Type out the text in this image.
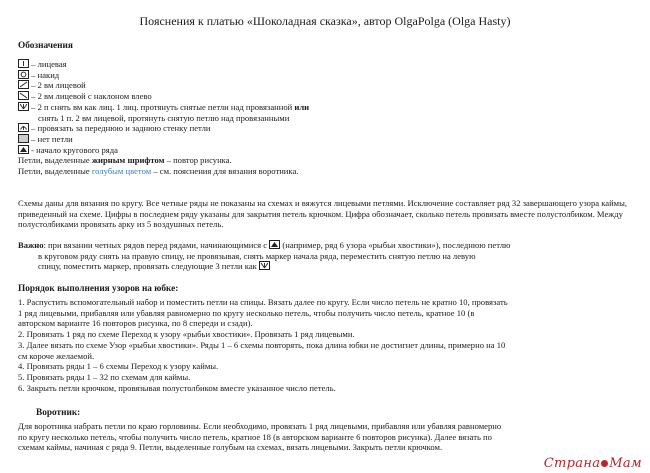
Пояснения к платью «Шоколадная сказка», автор OlgaPolga (Olga Hasty)
Обозначения
– лицевая
– накид
– 2 вм лицевой
– 2 вм лицевой с наклоном влево
– 2 п снять вм как лиц. 1 лиц. протянуть снятые петли над провязанной или
снять 1 п. 2 вм лицевой, протянуть снятую петлю над провязанными
– провязать за переднюю и заднюю стенку петли
– нет петли
- начало кругового ряда
Петли, выделенные жирным шрифтом – повтор рисунка.
Петли, выделенные голубым цветом – см. пояснения для вязания воротника.
Схемы даны для вязания по кругу. Все четные ряды не показаны на схемах и вяжутся лицевыми петлями. Исключение составляет ряд 32 завершающего узора каймы, приведенный на схеме. Цифры в последнем ряду указаны для закрытия петель крючком. Цифра обозначает, сколько петель провязать вместе полустолбиком. Между полустолбиками провязать арку из 5 воздушных петель.
Важно: при вязании четных рядов перед рядами, начинающимися с (например, ряд 6 узора «рыбьи хвостики»), последнюю петлю
в круговом ряду снять на правую спицу, не провязывая, снять маркер начала ряда, переместить снятую петлю на левую
спицу, поместить маркер, провязать следующие 3 петли как
Порядок выполнения узоров на юбке:
1. Распустить вспомогательный набор и поместить петли на спицы. Вязать далее по кругу. Если число петель не кратно 10, провязать
1 ряд лицевыми, прибавляя или убавляя равномерно по кругу несколько петель, чтобы получить число петель, кратное 10 (в
авторском варианте 16 повторов рисунка, по 8 спереди и сзади).
2. Провязать 1 ряд по схеме Переход к узору «рыбьи хвостики». Провязать 1 ряд лицевыми.
3. Далее вязать по схеме Узор «рыбьи хвостики». Ряды 1 – 6 схемы повторять, пока длина юбки не достигнет длины, примерно на 10
см короче желаемой.
4. Провязать ряды 1 – 6 схемы Переход к узору каймы.
5. Провязать ряды 1 – 32 по схемам для каймы.
6. Закрыть петли крючком, провязывая полустолбиком вместе указанное число петель.
Воротник:
Для воротника набрать петли по краю горловины. Если необходимо, провязать 1 ряд лицевыми, прибавляя или убавляя равномерно
по кругу несколько петель, чтобы получить число петель, кратное 18 (в авторском варианте 6 повторов рисунка). Далее вязать по
схемам каймы, начиная с ряда 9. Петли, выделенные голубым на схемах, вязать лицевыми. Закрыть петли крючком.
Страна Мам
